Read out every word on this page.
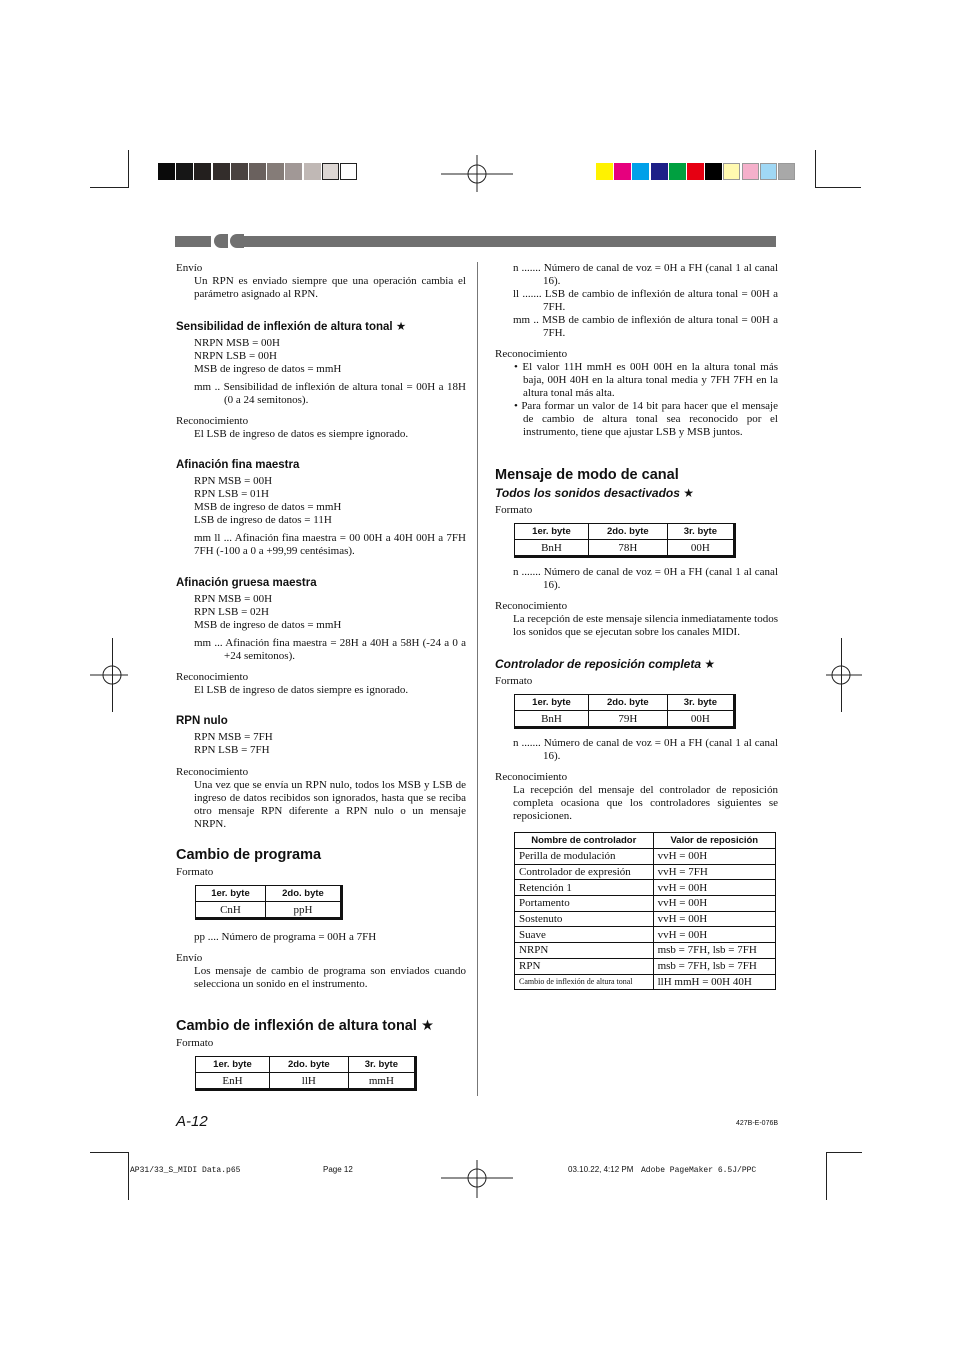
Envío

Un RPN es enviado siempre que una operación cambia el parámetro asignado al RPN.

Sensibilidad de inflexión de altura tonal ★

NRPN MSB = 00H

NRPN LSB = 00H

MSB de ingreso de datos = mmH

mm .. Sensibilidad de inflexión de altura tonal = 00H a 18H (0 a 24 semitonos).

Reconocimiento

El LSB de ingreso de datos es siempre ignorado.

Afinación fina maestra

RPN MSB = 00H

RPN LSB = 01H

MSB de ingreso de datos = mmH

LSB de ingreso de datos = 11H

mm ll ... Afinación fina maestra = 00 00H a 40H 00H a 7FH 7FH (-100 a 0 a +99,99 centésimas).

Afinación gruesa maestra

RPN MSB = 00H

RPN LSB = 02H

MSB de ingreso de datos = mmH

mm ... Afinación fina maestra = 28H a 40H a 58H (-24 a 0 a +24 semitonos).

Reconocimiento

El LSB de ingreso de datos siempre es ignorado.

RPN nulo

RPN MSB = 7FH

RPN LSB = 7FH

Reconocimiento

Una vez que se envía un RPN nulo, todos los MSB y LSB de ingreso de datos recibidos son ignorados, hasta que se reciba otro mensaje RPN diferente a RPN nulo o un mensaje NRPN.

Cambio de programa

Formato

1er. byte	2do. byte
CnH	ppH

pp .... Número de programa = 00H a 7FH

Envío

Los mensaje de cambio de programa son enviados cuando selecciona un sonido en el instrumento.

Cambio de inflexión de altura tonal ★

Formato

1er. byte	2do. byte	3r. byte
EnH	llH	mmH

n ....... Número de canal de voz = 0H a FH (canal 1 al canal 16).

ll ....... LSB de cambio de inflexión de altura tonal = 00H a 7FH.

mm .. MSB de cambio de inflexión de altura tonal = 00H a 7FH.

Reconocimiento

• El valor 11H mmH es 00H 00H en la altura tonal más baja, 00H 40H en la altura tonal media y 7FH 7FH en la altura tonal más alta.

• Para formar un valor de 14 bit para hacer que el mensaje de cambio de altura tonal sea reconocido por el instrumento, tiene que ajustar LSB y MSB juntos.

Mensaje de modo de canal

Todos los sonidos desactivados ★

Formato

1er. byte	2do. byte	3r. byte
BnH	78H	00H

n ....... Número de canal de voz = 0H a FH (canal 1 al canal 16).

Reconocimiento

La recepción de este mensaje silencia inmediatamente todos los sonidos que se ejecutan sobre los canales MIDI.

Controlador de reposición completa ★

Formato

1er. byte	2do. byte	3r. byte
BnH	79H	00H

n ....... Número de canal de voz = 0H a FH (canal 1 al canal 16).

Reconocimiento

La recepción del mensaje del controlador de reposición completa ocasiona que los controladores siguientes se reposicionen.

Nombre de controlador	Valor de reposición
Perilla de modulación	vvH = 00H
Controlador de expresión	vvH = 7FH
Retención 1	vvH = 00H
Portamento	vvH = 00H
Sostenuto	vvH = 00H
Suave	vvH = 00H
NRPN	msb = 7FH, lsb = 7FH
RPN	msb = 7FH, lsb = 7FH
Cambio de inflexión de altura tonal	llH mmH = 00H 40H
A-12	427B-E-076B
AP31/33_S_MIDI Data.p65	Page 12	03.10.22, 4:12 PM Adobe PageMaker 6.5J/PPC
